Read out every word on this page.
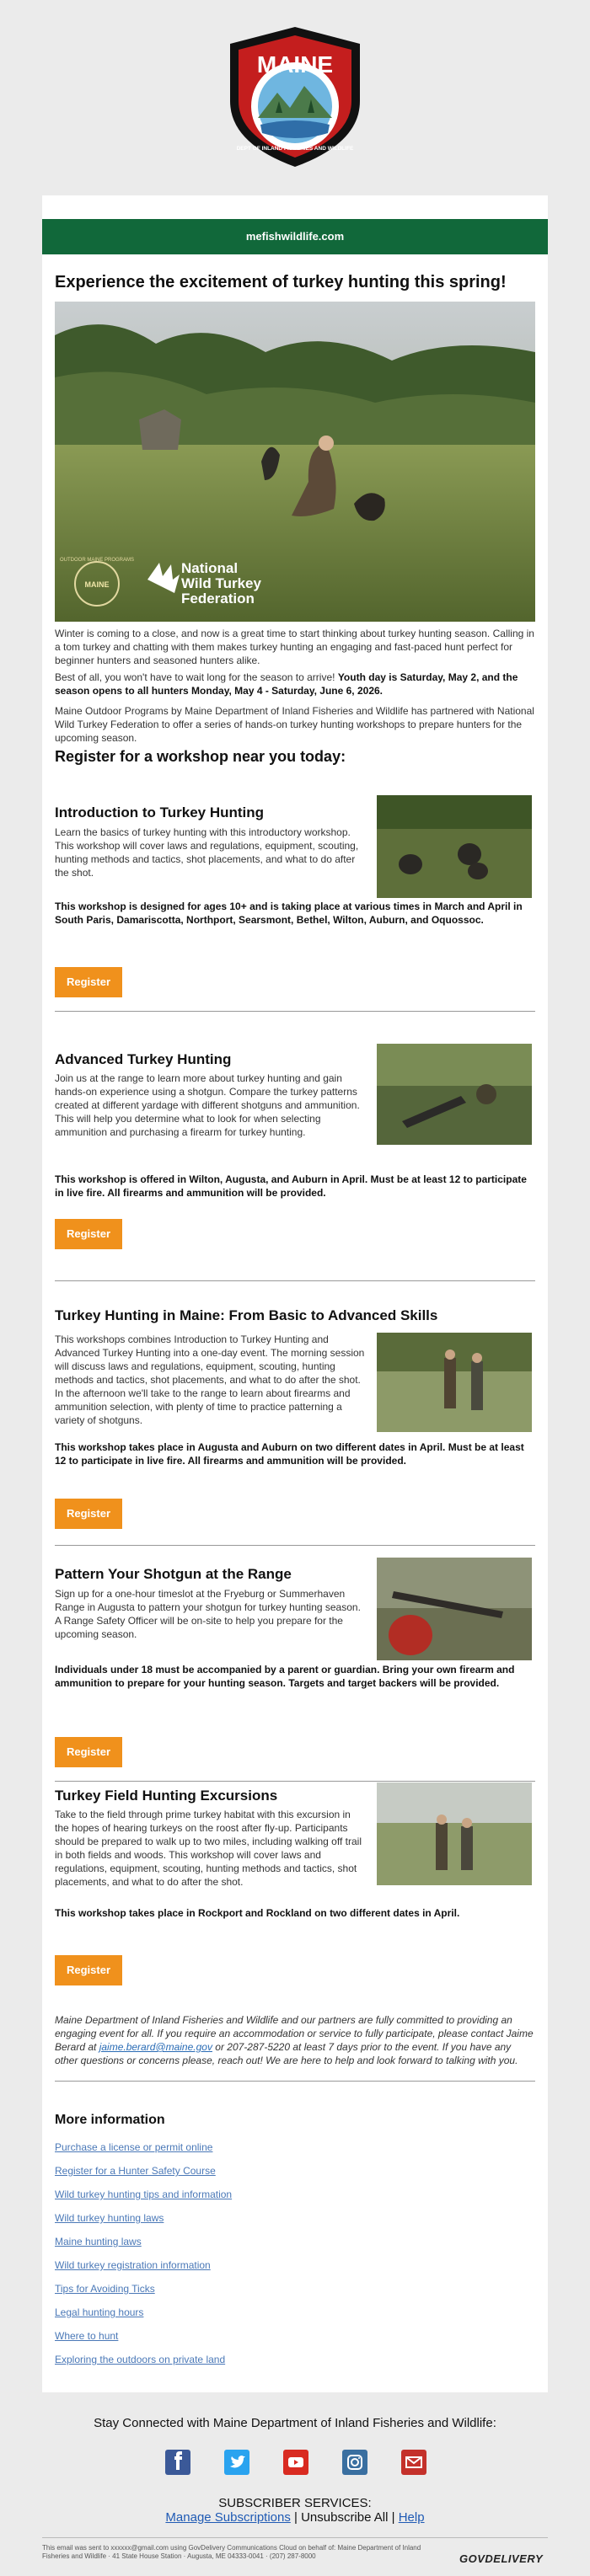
MAINE
DEPT OF INLAND FISHERIES AND WILDLIFE
mefishwildlife.com
Experience the excitement of turkey hunting this spring!
MAINE
National
Wild Turkey
Federation
OUTDOOR MAINE PROGRAMS

Winter is coming to a close, and now is a great time to start thinking about turkey hunting season. Calling in a tom turkey and chatting with them makes turkey hunting an engaging and fast-paced hunt perfect for beginner hunters and seasoned hunters alike.

Best of all, you won't have to wait long for the season to arrive! Youth day is Saturday, May 2, and the season opens to all hunters Monday, May 4 - Saturday, June 6, 2026.

Maine Outdoor Programs by Maine Department of Inland Fisheries and Wildlife has partnered with National Wild Turkey Federation to offer a series of hands-on turkey hunting workshops to prepare hunters for the upcoming season.

Register for a workshop near you today:
Introduction to Turkey Hunting
Learn the basics of turkey hunting with this introductory workshop. This workshop will cover laws and regulations, equipment, scouting, hunting methods and tactics, shot placements, and what to do after the shot.
This workshop is designed for ages 10+ and is taking place at various times in March and April in South Paris, Damariscotta, Northport, Searsmont, Bethel, Wilton, Auburn, and Oquossoc.
Register
Advanced Turkey Hunting
Join us at the range to learn more about turkey hunting and gain hands-on experience using a shotgun. Compare the turkey patterns created at different yardage with different shotguns and ammunition. This will help you determine what to look for when selecting ammunition and purchasing a firearm for turkey hunting.
This workshop is offered in Wilton, Augusta, and Auburn in April. Must be at least 12 to participate in live fire. All firearms and ammunition will be provided.
Register
Turkey Hunting in Maine: From Basic to Advanced Skills
This workshops combines Introduction to Turkey Hunting and Advanced Turkey Hunting into a one-day event. The morning session will discuss laws and regulations, equipment, scouting, hunting methods and tactics, shot placements, and what to do after the shot. In the afternoon we'll take to the range to learn about firearms and ammunition selection, with plenty of time to practice patterning a variety of shotguns.
This workshop takes place in Augusta and Auburn on two different dates in April. Must be at least 12 to participate in live fire. All firearms and ammunition will be provided.
Register
Pattern Your Shotgun at the Range
Sign up for a one-hour timeslot at the Fryeburg or Summerhaven Range in Augusta to pattern your shotgun for turkey hunting season. A Range Safety Officer will be on-site to help you prepare for the upcoming season.
Individuals under 18 must be accompanied by a parent or guardian. Bring your own firearm and ammunition to prepare for your hunting season. Targets and target backers will be provided.
Register
Turkey Field Hunting Excursions
Take to the field through prime turkey habitat with this excursion in the hopes of hearing turkeys on the roost after fly-up. Participants should be prepared to walk up to two miles, including walking off trail in both fields and woods. This workshop will cover laws and regulations, equipment, scouting, hunting methods and tactics, shot placements, and what to do after the shot.
This workshop takes place in Rockport and Rockland on two different dates in April.
Register
Maine Department of Inland Fisheries and Wildlife and our partners are fully committed to providing an engaging event for all. If you require an accommodation or service to fully participate, please contact Jaime Berard at jaime.berard@maine.gov or 207-287-5220 at least 7 days prior to the event. If you have any other questions or concerns please, reach out! We are here to help and look forward to talking with you.
More information
Purchase a license or permit online
Register for a Hunter Safety Course
Wild turkey hunting tips and information
Wild turkey hunting laws
Maine hunting laws
Wild turkey registration information
Tips for Avoiding Ticks
Legal hunting hours
Where to hunt
Exploring the outdoors on private land
Stay Connected with Maine Department of Inland Fisheries and Wildlife:
SUBSCRIBER SERVICES:
Manage Subscriptions | Unsubscribe All | Help
This email was sent to xxxxxx@gmail.com using GovDelivery Communications Cloud on behalf of: Maine Department of Inland Fisheries and Wildlife · 41 State House Station · Augusta, ME 04333-0041 · (207) 287-8000	GOVDELIVERY
